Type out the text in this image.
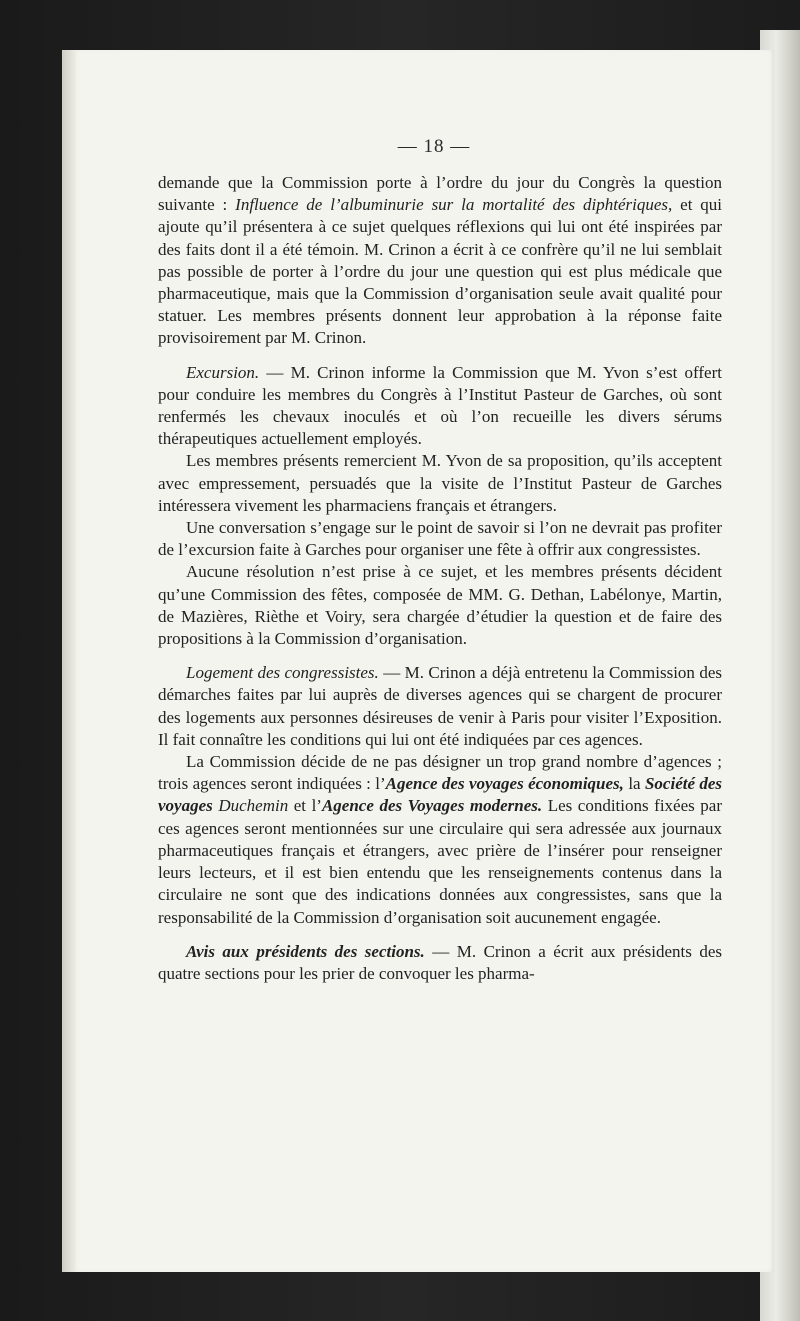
— 18 —

demande que la Commission porte à l’ordre du jour du Congrès la question suivante : Influence de l’albuminurie sur la mortalité des diphtériques, et qui ajoute qu’il présentera à ce sujet quelques réflexions qui lui ont été inspirées par des faits dont il a été témoin. M. Crinon a écrit à ce confrère qu’il ne lui semblait pas possible de porter à l’ordre du jour une question qui est plus médicale que pharmaceutique, mais que la Commission d’organisation seule avait qualité pour statuer. Les membres présents donnent leur approbation à la réponse faite provisoirement par M. Crinon.

Excursion. — M. Crinon informe la Commission que M. Yvon s’est offert pour conduire les membres du Congrès à l’Institut Pasteur de Garches, où sont renfermés les chevaux inoculés et où l’on recueille les divers sérums thérapeutiques actuellement employés.

Les membres présents remercient M. Yvon de sa proposition, qu’ils acceptent avec empressement, persuadés que la visite de l’Institut Pasteur de Garches intéressera vivement les pharmaciens français et étrangers.

Une conversation s’engage sur le point de savoir si l’on ne devrait pas profiter de l’excursion faite à Garches pour organiser une fête à offrir aux congressistes.

Aucune résolution n’est prise à ce sujet, et les membres présents décident qu’une Commission des fêtes, composée de MM. G. Dethan, Labélonye, Martin, de Mazières, Rièthe et Voiry, sera chargée d’étudier la question et de faire des propositions à la Commission d’organisation.

Logement des congressistes. — M. Crinon a déjà entretenu la Commission des démarches faites par lui auprès de diverses agences qui se chargent de procurer des logements aux personnes désireuses de venir à Paris pour visiter l’Exposition. Il fait connaître les conditions qui lui ont été indiquées par ces agences.

La Commission décide de ne pas désigner un trop grand nombre d’agences ; trois agences seront indiquées : l’Agence des voyages économiques, la Société des voyages Duchemin et l’Agence des Voyages modernes. Les conditions fixées par ces agences seront mentionnées sur une circulaire qui sera adressée aux journaux pharmaceutiques français et étrangers, avec prière de l’insérer pour renseigner leurs lecteurs, et il est bien entendu que les renseignements contenus dans la circulaire ne sont que des indications données aux congressistes, sans que la responsabilité de la Commission d’organisation soit aucunement engagée.

Avis aux présidents des sections. — M. Crinon a écrit aux présidents des quatre sections pour les prier de convoquer les pharma-
